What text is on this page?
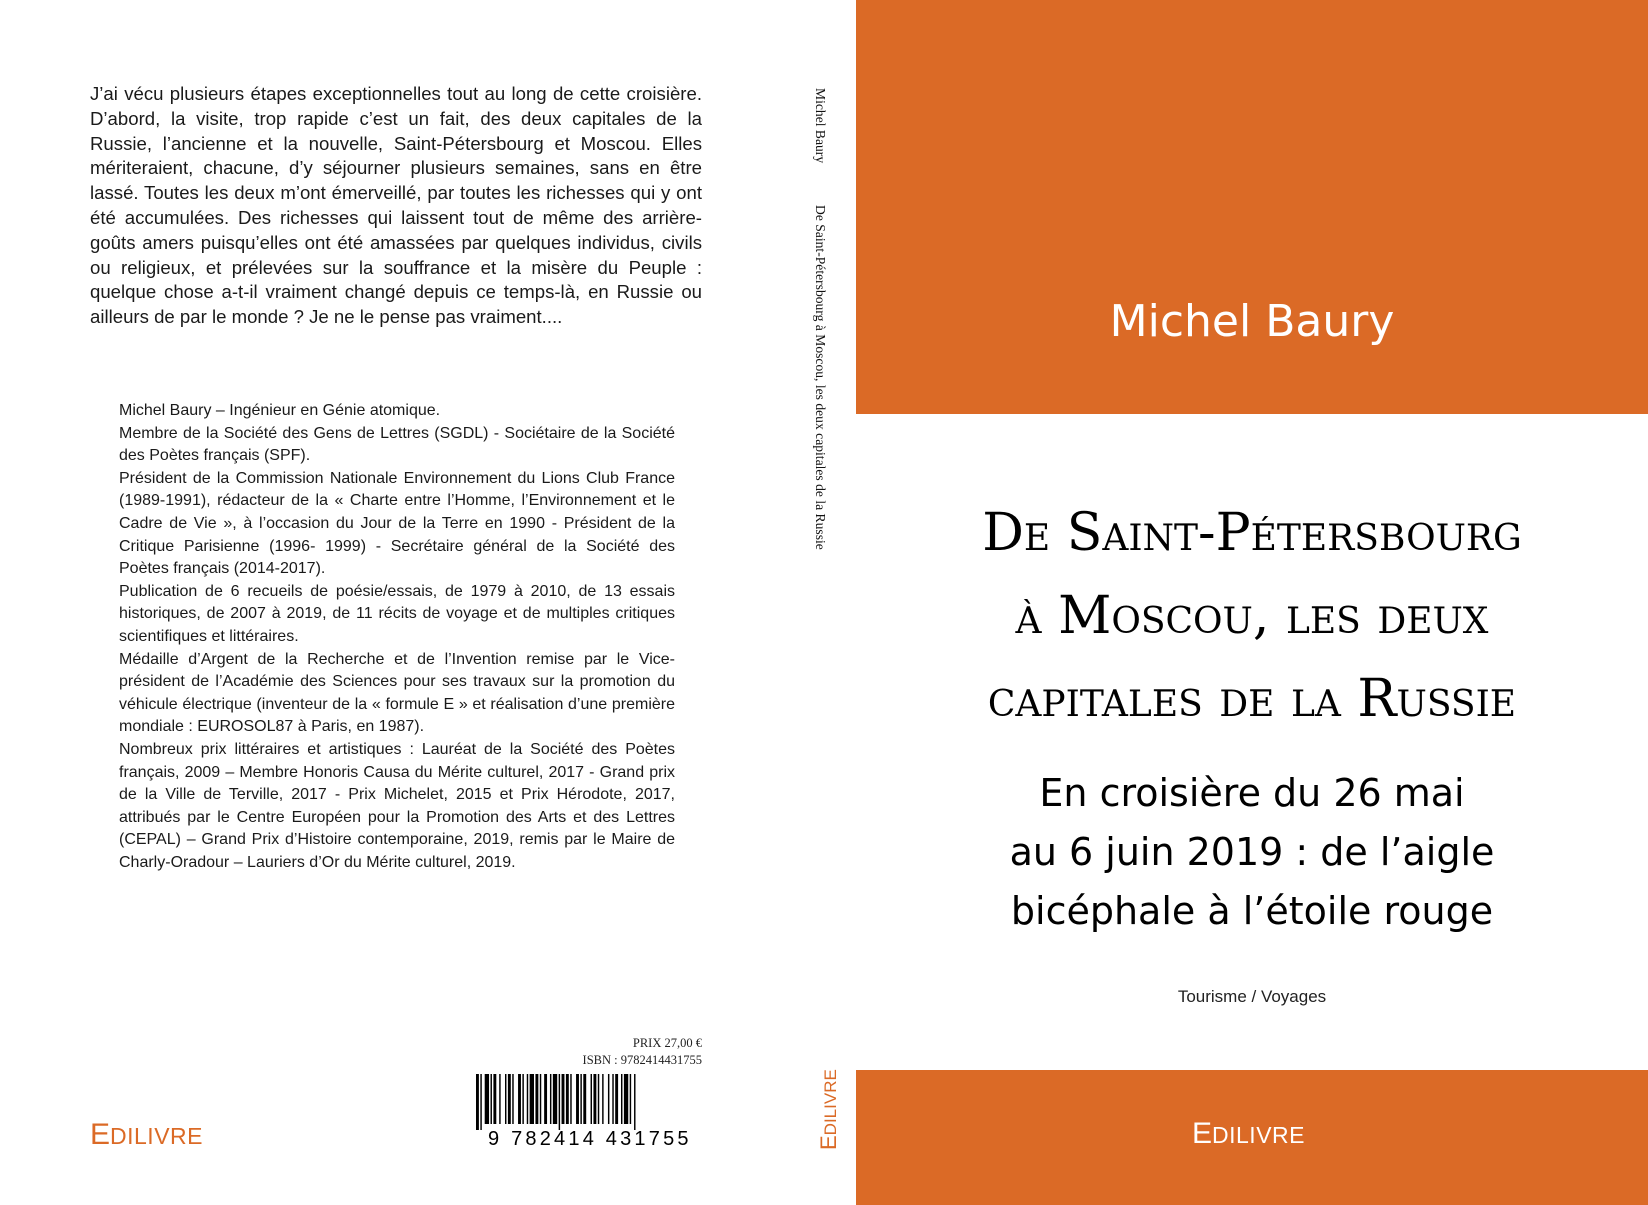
J’ai vécu plusieurs étapes exceptionnelles tout au long de cette croisière. D’abord, la visite, trop rapide c’est un fait, des deux capitales de la Russie, l’ancienne et la nouvelle, Saint-Pétersbourg et Moscou. Elles mériteraient, chacune, d’y séjourner plusieurs semaines, sans en être lassé. Toutes les deux m’ont émerveillé, par toutes les richesses qui y ont été accumulées. Des richesses qui laissent tout de même des arrière-goûts amers puisqu’elles ont été amassées par quelques individus, civils ou religieux, et prélevées sur la souffrance et la misère du Peuple : quelque chose a-t-il vraiment changé depuis ce temps-là, en Russie ou ailleurs de par le monde ? Je ne le pense pas vraiment....

Michel Baury – Ingénieur en Génie atomique.

Membre de la Société des Gens de Lettres (SGDL) - Sociétaire de la Société des Poètes français (SPF).

Président de la Commission Nationale Environnement du Lions Club France (1989-1991), rédacteur de la « Charte entre l’Homme, l’Environnement et le Cadre de Vie », à l’occasion du Jour de la Terre en 1990 - Président de la Critique Parisienne (1996- 1999) - Secrétaire général de la Société des Poètes français (2014-2017).

Publication de 6 recueils de poésie/essais, de 1979 à 2010, de 13 essais historiques, de 2007 à 2019, de 11 récits de voyage et de multiples critiques scientifiques et littéraires.

Médaille d’Argent de la Recherche et de l’Invention remise par le Vice-président de l’Académie des Sciences pour ses travaux sur la promotion du véhicule électrique (inventeur de la « formule E » et réalisation d’une première mondiale : EUROSOL87 à Paris, en 1987).

Nombreux prix littéraires et artistiques : Lauréat de la Société des Poètes français, 2009 – Membre Honoris Causa du Mérite culturel, 2017 - Grand prix de la Ville de Terville, 2017 - Prix Michelet, 2015 et Prix Hérodote, 2017, attribués par le Centre Européen pour la Promotion des Arts et des Lettres (CEPAL) – Grand Prix d’Histoire contemporaine, 2019, remis par le Maire de Charly-Oradour – Lauriers d’Or du Mérite culturel, 2019.

PRIX 27,00 €
ISBN : 9782414431755
9 782414 431755
EDILIVRE
Michel Baury
De Saint-Pétersbourg à Moscou, les deux capitales de la Russie
EDILIVRE
Michel Baury
De Saint-Pétersbourg
à Moscou, les deux
capitales de la Russie
En croisière du 26 mai
au 6 juin 2019 : de l’aigle
bicéphale à l’étoile rouge
Tourisme / Voyages
EDILIVRE
